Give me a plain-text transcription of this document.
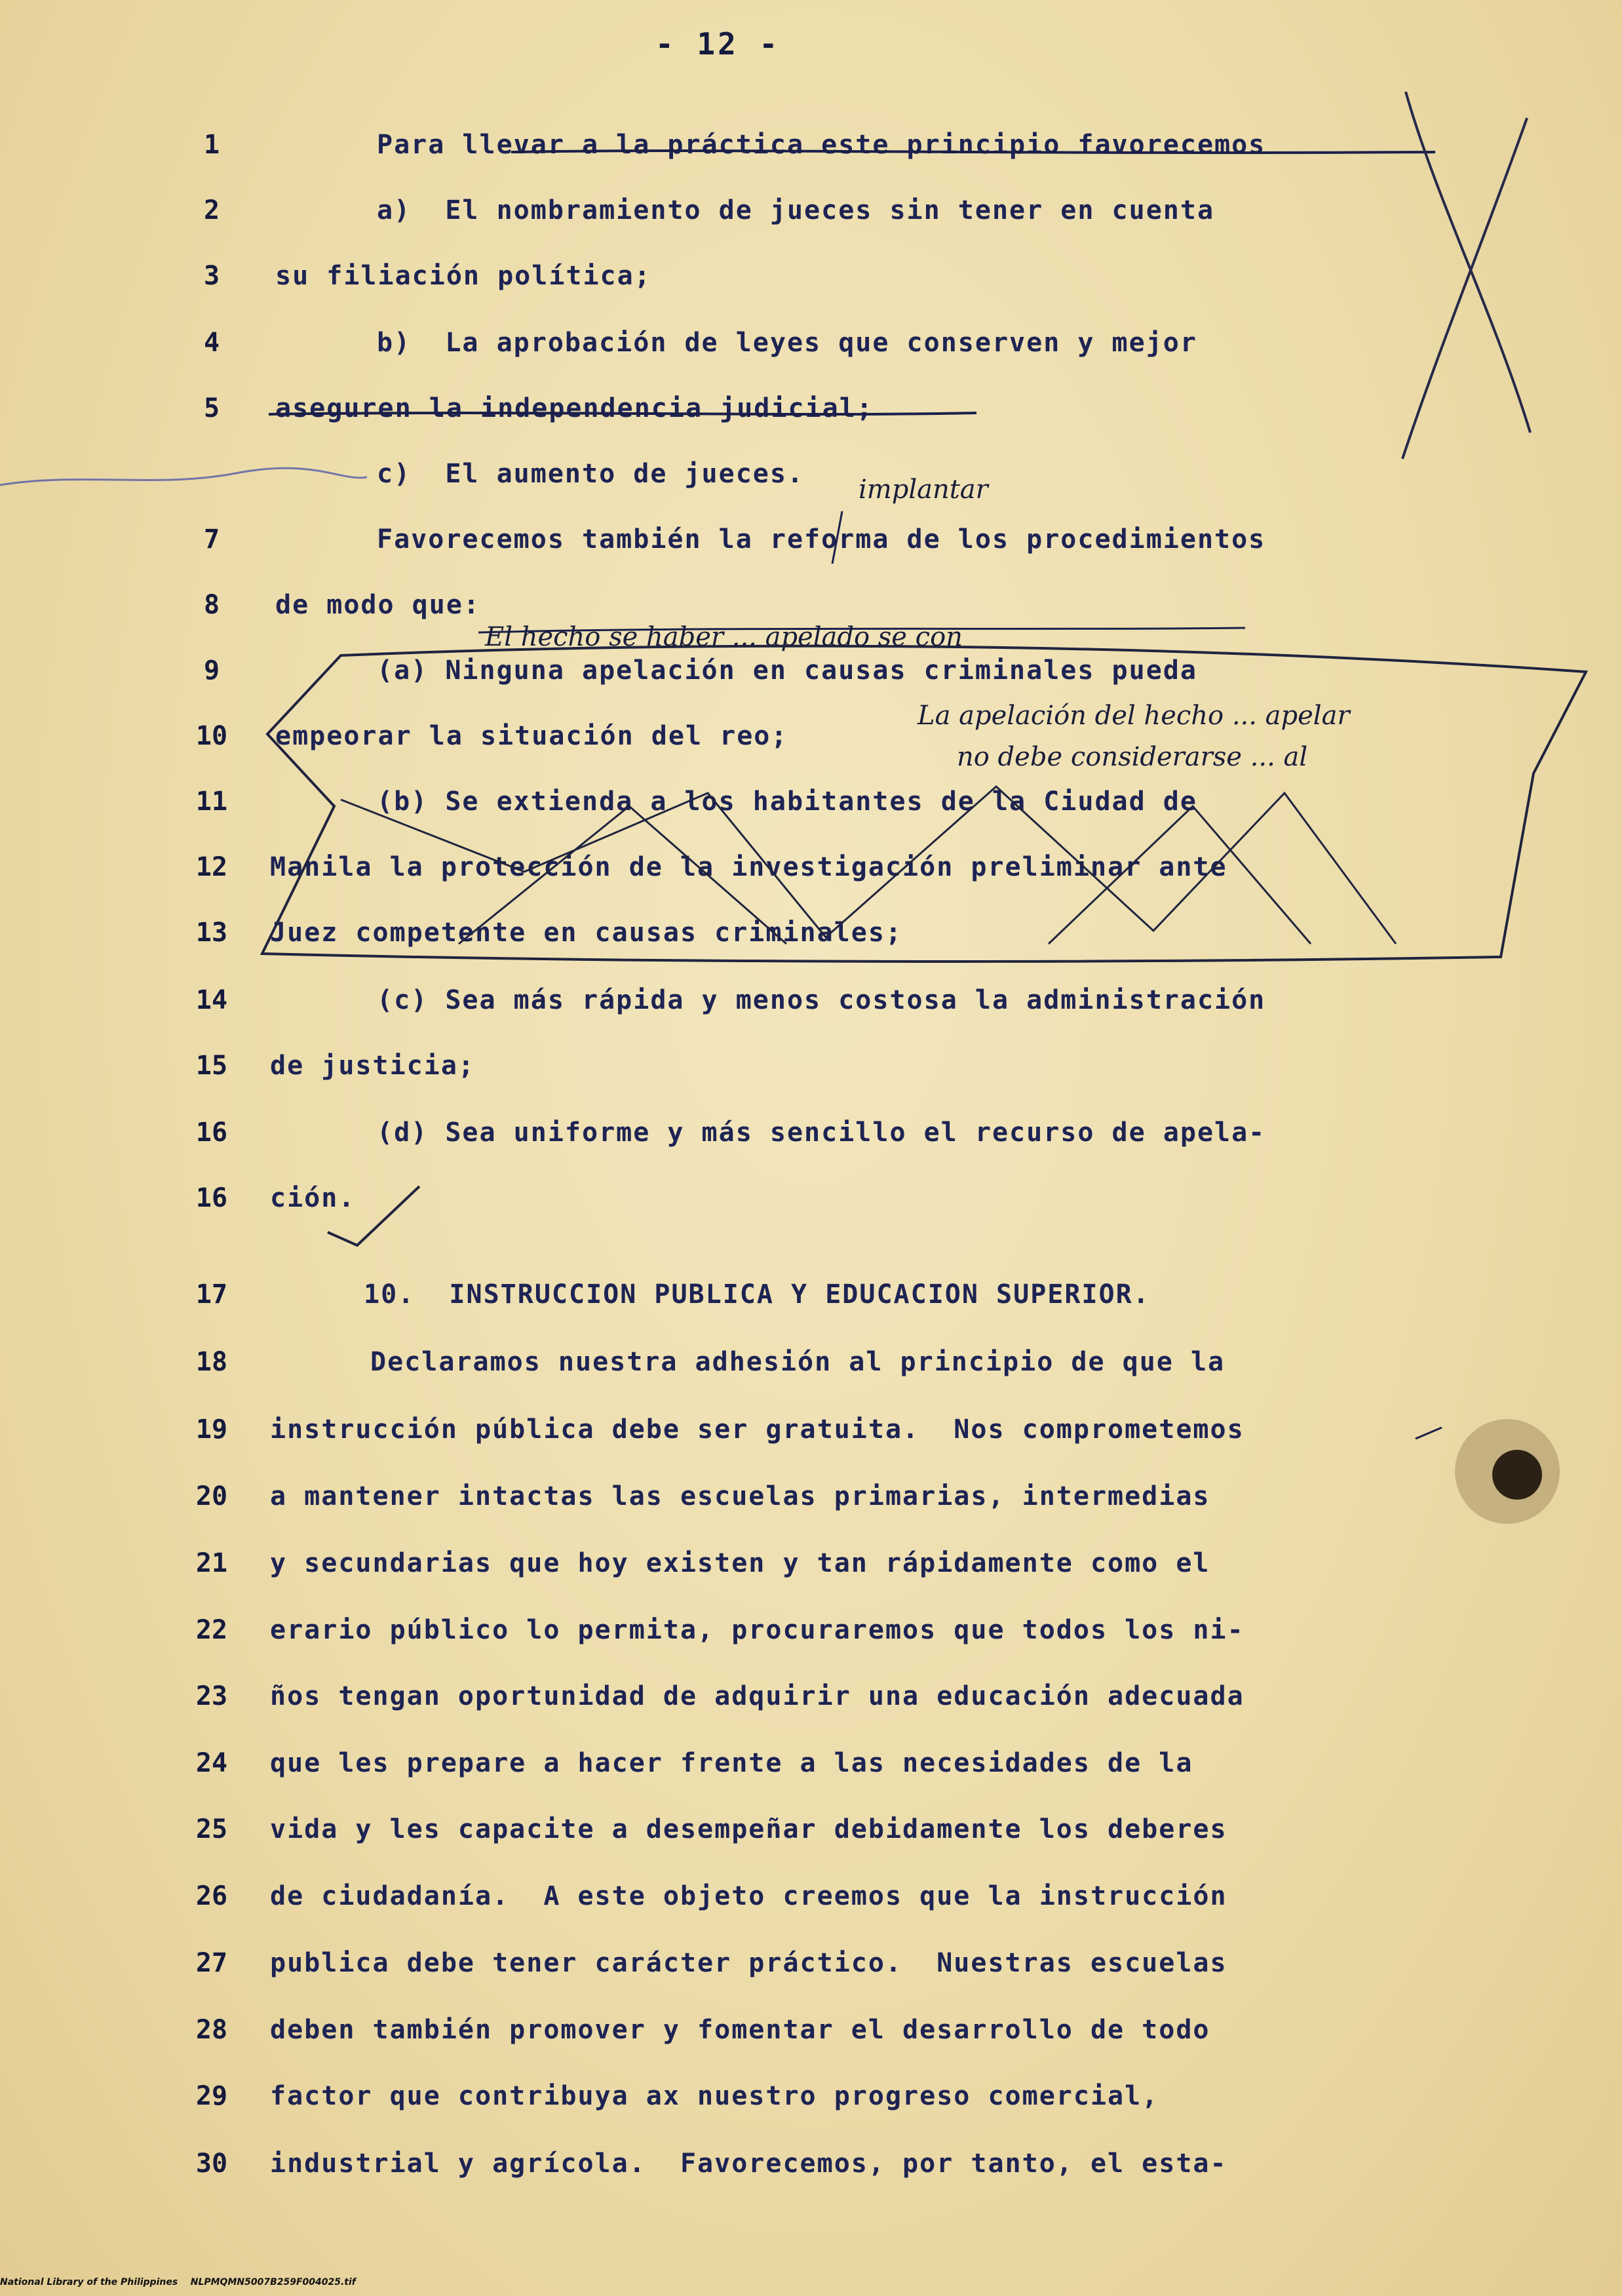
- 12 -
1	Para llevar a la práctica este principio favorecemos
2	a)  El nombramiento de jueces sin tener en cuenta
3	su filiación política;
4	b)  La aprobación de leyes que conserven y mejor
5	aseguren la independencia judicial;
c)  El aumento de jueces.
7	Favorecemos también la reforma de los procedimientos
8	de modo que:
9	(a) Ninguna apelación en causas criminales pueda
10	empeorar la situación del reo;
11	(b) Se extienda a los habitantes de la Ciudad de
12	Manila la protección de la investigación preliminar ante
13	Juez competente en causas criminales;
14	(c) Sea más rápida y menos costosa la administración
15	de justicia;
16	(d) Sea uniforme y más sencillo el recurso de apela-
16	ción.
17	10.  INSTRUCCION PUBLICA Y EDUCACION SUPERIOR.
18	Declaramos nuestra adhesión al principio de que la
19	instrucción pública debe ser gratuita.  Nos comprometemos
20	a mantener intactas las escuelas primarias, intermedias
21	y secundarias que hoy existen y tan rápidamente como el
22	erario público lo permita, procuraremos que todos los ni-
23	ños tengan oportunidad de adquirir una educación adecuada
24	que les prepare a hacer frente a las necesidades de la
25	vida y les capacite a desempeñar debidamente los deberes
26	de ciudadanía.  A este objeto creemos que la instrucción
27	publica debe tener carácter práctico.  Nuestras escuelas
28	deben también promover y fomentar el desarrollo de todo
29	factor que contribuya ax nuestro progreso comercial,
30	industrial y agrícola.  Favorecemos, por tanto, el esta-
implantar
El hecho se haber ... apelado se con
La apelación del hecho ... apelar
no debe considerarse ... al
National Library of the Philippines    NLPMQMN5007B259F004025.tif
